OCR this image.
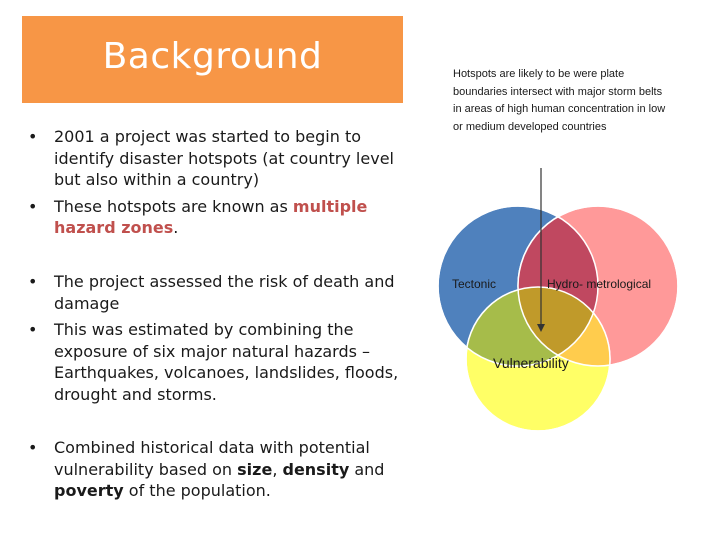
Background
• 2001 a project was started to begin to identify disaster hotspots (at country level but also within a country)
• These hotspots are known as multiple hazard zones.
• The project assessed the risk of death and damage
• This was estimated by combining the exposure of six major natural hazards – Earthquakes, volcanoes, landslides, floods, drought and storms.
• Combined historical data with potential vulnerability based on size, density and poverty of the population.
Hotspots are likely to be were plate boundaries intersect with major storm belts in areas of high human concentration in low or medium developed countries
Tectonic	Hydro- metrological
Vulnerability
